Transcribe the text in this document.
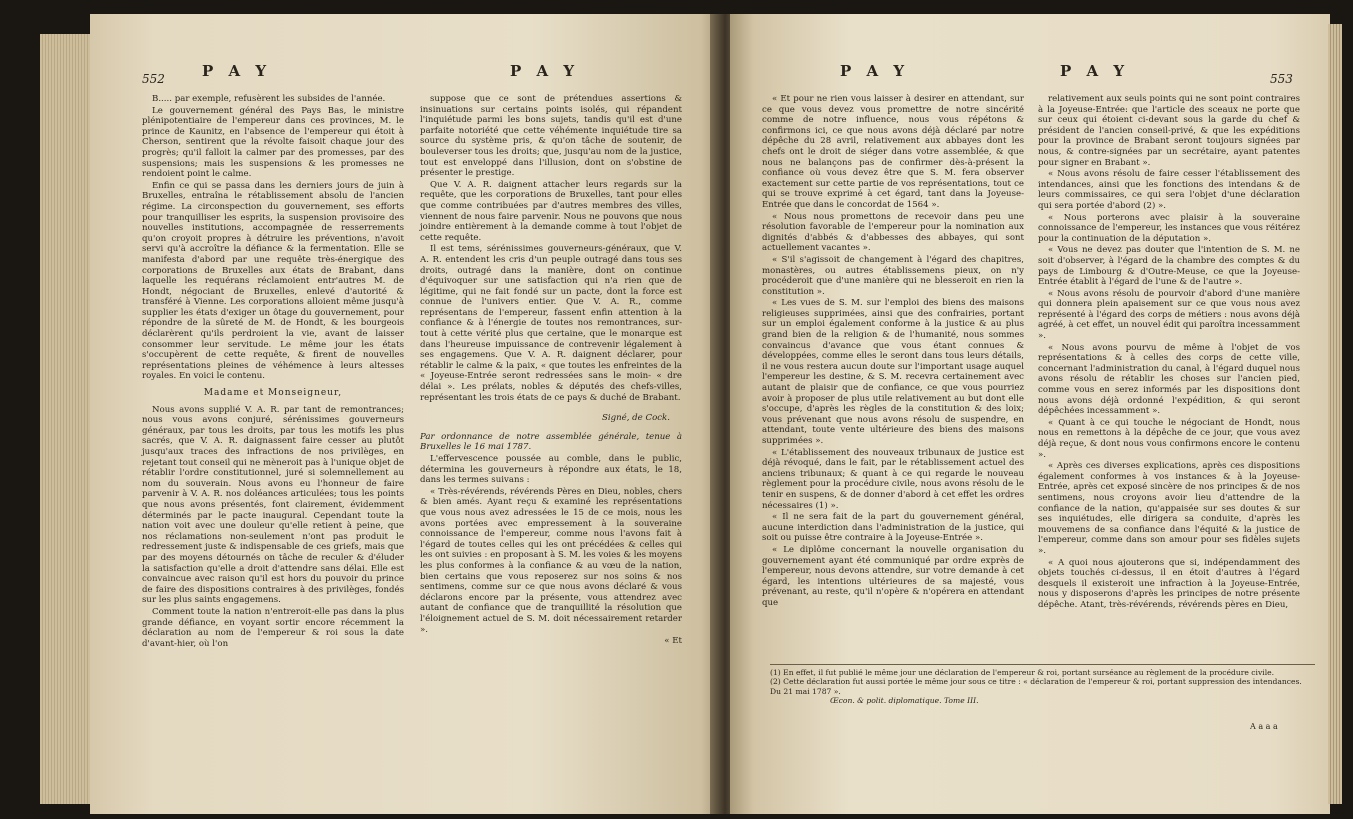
552 P A Y	P A Y

B..... par exemple, refusèrent les subsides de l'année.

Le gouvernement général des Pays Bas, le ministre plénipotentiaire de l'empereur dans ces provinces, M. le prince de Kaunitz, en l'absence de l'empereur qui étoit à Cherson, sentirent que la révolte faisoit chaque jour des progrès; qu'il falloit la calmer par des promesses, par des suspensions; mais les suspensions & les promesses ne rendoient point le calme.

Enfin ce qui se passa dans les derniers jours de juin à Bruxelles, entraîna le rétablissement absolu de l'ancien régime. La circonspection du gouvernement, ses efforts pour tranquilliser les esprits, la suspension provisoire des nouvelles institutions, accompagnée de resserrements qu'on croyoit propres à détruire les préventions, n'avoit servi qu'à accroître la défiance & la fermentation. Elle se manifesta d'abord par une requête très-énergique des corporations de Bruxelles aux états de Brabant, dans laquelle les requérans réclamoient entr'autres M. de Hondt, négociant de Bruxelles, enlevé d'autorité & transféré à Vienne. Les corporations alloient même jusqu'à supplier les états d'exiger un ôtage du gouvernement, pour répondre de la sûreté de M. de Hondt, & les bourgeois déclarèrent qu'ils perdroient la vie, avant de laisser consommer leur servitude. Le même jour les états s'occupèrent de cette requête, & firent de nouvelles représentations pleines de véhémence à leurs altesses royales. En voici le contenu.

Madame et Monseigneur,

Nous avons supplié V. A. R. par tant de remontrances; nous vous avons conjuré, sérénissimes gouverneurs généraux, par tous les droits, par tous les motifs les plus sacrés, que V. A. R. daignassent faire cesser au plutôt jusqu'aux traces des infractions de nos privilèges, en rejetant tout conseil qui ne mèneroit pas à l'unique objet de rétablir l'ordre constitutionnel, juré si solemnellement au nom du souverain. Nous avons eu l'honneur de faire parvenir à V. A. R. nos doléances articulées; tous les points que nous avons présentés, font clairement, évidemment déterminés par le pacte inaugural. Cependant toute la nation voit avec une douleur qu'elle retient à peine, que nos réclamations non-seulement n'ont pas produit le redressement juste & indispensable de ces griefs, mais que par des moyens détournés on tâche de reculer & d'éluder la satisfaction qu'elle a droit d'attendre sans délai. Elle est convaincue avec raison qu'il est hors du pouvoir du prince de faire des dispositions contraires à des privilèges, fondés sur les plus saints engagemens.

Comment toute la nation n'entreroit-elle pas dans la plus grande défiance, en voyant sortir encore récemment la déclaration au nom de l'empereur & roi sous la date d'avant-hier, où l'on

suppose que ce sont de prétendues assertions & insinuations sur certains points isolés, qui répandent l'inquiétude parmi les bons sujets, tandis qu'il est d'une parfaite notoriété que cette véhémente inquiétude tire sa source du système pris, & qu'on tâche de soutenir, de bouleverser tous les droits; que, jusqu'au nom de la justice, tout est enveloppé dans l'illusion, dont on s'obstine de présenter le prestige.

Que V. A. R. daignent attacher leurs regards sur la requête, que les corporations de Bruxelles, tant pour elles que comme contribuées par d'autres membres des villes, viennent de nous faire parvenir. Nous ne pouvons que nous joindre entièrement à la demande comme à tout l'objet de cette requête.

Il est tems, sérénissimes gouverneurs-généraux, que V. A. R. entendent les cris d'un peuple outragé dans tous ses droits, outragé dans la manière, dont on continue d'équivoquer sur une satisfaction qui n'a rien que de légitime, qui ne fait fondé sur un pacte, dont la force est connue de l'univers entier. Que V. A. R., comme représentans de l'empereur, fassent enfin attention à la confiance & à l'énergie de toutes nos remontrances, sur-tout à cette vérité plus que certaine, que le monarque est dans l'heureuse impuissance de contrevenir légalement à ses engagemens. Que V. A. R. daignent déclarer, pour rétablir le calme & la paix, « que toutes les enfreintes de la « Joyeuse-Entrée seront redressées sans le moin- « dre délai ». Les prélats, nobles & députés des chefs-villes, représentant les trois états de ce pays & duché de Brabant.

Signé, de Cock.

Par ordonnance de notre assemblée générale, tenue à Bruxelles le 16 mai 1787.

L'effervescence poussée au comble, dans le public, détermina les gouverneurs à répondre aux états, le 18, dans les termes suivans :

« Très-révérends, révérends Pères en Dieu, nobles, chers & bien amés. Ayant reçu & examiné les représentations que vous nous avez adressées le 15 de ce mois, nous les avons portées avec empressement à la souveraine connoissance de l'empereur, comme nous l'avons fait à l'égard de toutes celles qui les ont précédées & celles qui les ont suivies : en proposant à S. M. les voies & les moyens les plus conformes à la confiance & au vœu de la nation, bien certains que vous reposerez sur nos soins & nos sentimens, comme sur ce que nous avons déclaré & vous déclarons encore par la présente, vous attendrez avec autant de confiance que de tranquillité la résolution que l'éloignement actuel de S. M. doit nécessairement retarder ».

« Et

P A Y	P A Y	553

« Et pour ne rien vous laisser à desirer en attendant, sur ce que vous devez vous promettre de notre sincérité comme de notre influence, nous vous répétons & confirmons ici, ce que nous avons déjà déclaré par notre dépêche du 28 avril, relativement aux abbayes dont les chefs ont le droit de siéger dans votre assemblée, & que nous ne balançons pas de confirmer dès-à-présent la confiance où vous devez être que S. M. fera observer exactement sur cette partie de vos représentations, tout ce qui se trouve exprimé à cet égard, tant dans la Joyeuse-Entrée que dans le concordat de 1564 ».

« Nous nous promettons de recevoir dans peu une résolution favorable de l'empereur pour la nomination aux dignités d'abbés & d'abbesses des abbayes, qui sont actuellement vacantes ».

« S'il s'agissoit de changement à l'égard des chapitres, monastères, ou autres établissemens pieux, on n'y procéderoit que d'une manière qui ne blesseroit en rien la constitution ».

« Les vues de S. M. sur l'emploi des biens des maisons religieuses supprimées, ainsi que des confrairies, portant sur un emploi également conforme à la justice & au plus grand bien de la religion & de l'humanité, nous sommes convaincus d'avance que vous étant connues & développées, comme elles le seront dans tous leurs détails, il ne vous restera aucun doute sur l'important usage auquel l'empereur les destine, & S. M. recevra certainement avec autant de plaisir que de confiance, ce que vous pourriez avoir à proposer de plus utile relativement au but dont elle s'occupe, d'après les règles de la constitution & des loix; vous prévenant que nous avons résolu de suspendre, en attendant, toute vente ultérieure des biens des maisons supprimées ».

« L'établissement des nouveaux tribunaux de justice est déjà révoqué, dans le fait, par le rétablissement actuel des anciens tribunaux; & quant à ce qui regarde le nouveau règlement pour la procédure civile, nous avons résolu de le tenir en suspens, & de donner d'abord à cet effet les ordres nécessaires (1) ».

« Il ne sera fait de la part du gouvernement général, aucune interdiction dans l'administration de la justice, qui soit ou puisse être contraire à la Joyeuse-Entrée ».

« Le diplôme concernant la nouvelle organisation du gouvernement ayant été communiqué par ordre exprès de l'empereur, nous devons attendre, sur votre demande à cet égard, les intentions ultérieures de sa majesté, vous prévenant, au reste, qu'il n'opère & n'opérera en attendant que

relativement aux seuls points qui ne sont point contraires à la Joyeuse-Entrée: que l'article des sceaux ne porte que sur ceux qui étoient ci-devant sous la garde du chef & président de l'ancien conseil-privé, & que les expéditions pour la province de Brabant seront toujours signées par nous, & contre-signées par un secrétaire, ayant patentes pour signer en Brabant ».

« Nous avons résolu de faire cesser l'établissement des intendances, ainsi que les fonctions des intendans & de leurs commissaires, ce qui sera l'objet d'une déclaration qui sera portée d'abord (2) ».

« Nous porterons avec plaisir à la souveraine connoissance de l'empereur, les instances que vous réitérez pour la continuation de la députation ».

« Vous ne devez pas douter que l'intention de S. M. ne soit d'observer, à l'égard de la chambre des comptes & du pays de Limbourg & d'Outre-Meuse, ce que la Joyeuse-Entrée établit à l'égard de l'une & de l'autre ».

« Nous avons résolu de pourvoir d'abord d'une manière qui donnera plein apaisement sur ce que vous nous avez représenté à l'égard des corps de métiers : nous avons déjà agréé, à cet effet, un nouvel édit qui paroîtra incessamment ».

« Nous avons pourvu de même à l'objet de vos représentations & à celles des corps de cette ville, concernant l'administration du canal, à l'égard duquel nous avons résolu de rétablir les choses sur l'ancien pied, comme vous en serez informés par les dispositions dont nous avons déjà ordonné l'expédition, & qui seront dépêchées incessamment ».

« Quant à ce qui touche le négociant de Hondt, nous nous en remettons à la dépêche de ce jour, que vous avez déjà reçue, & dont nous vous confirmons encore le contenu ».

« Après ces diverses explications, après ces dispositions également conformes à vos instances & à la Joyeuse-Entrée, après cet exposé sincère de nos principes & de nos sentimens, nous croyons avoir lieu d'attendre de la confiance de la nation, qu'appaisée sur ses doutes & sur ses inquiétudes, elle dirigera sa conduite, d'après les mouvemens de sa confiance dans l'équité & la justice de l'empereur, comme dans son amour pour ses fidèles sujets ».

« A quoi nous ajouterons que si, indépendamment des objets touchés ci-dessus, il en étoit d'autres à l'égard desquels il existeroit une infraction à la Joyeuse-Entrée, nous y disposerons d'après les principes de notre présente dépêche. Atant, très-révérends, révérends pères en Dieu,

(1) En effet, il fut publié le même jour une déclaration de l'empereur & roi, portant surséance au règlement de la procédure civile.

(2) Cette déclaration fut aussi portée le même jour sous ce titre : « déclaration de l'empereur & roi, portant suppression des intendances. Du 21 mai 1787 ».

Œcon. & polit. diplomatique. Tome III.

A a a a
